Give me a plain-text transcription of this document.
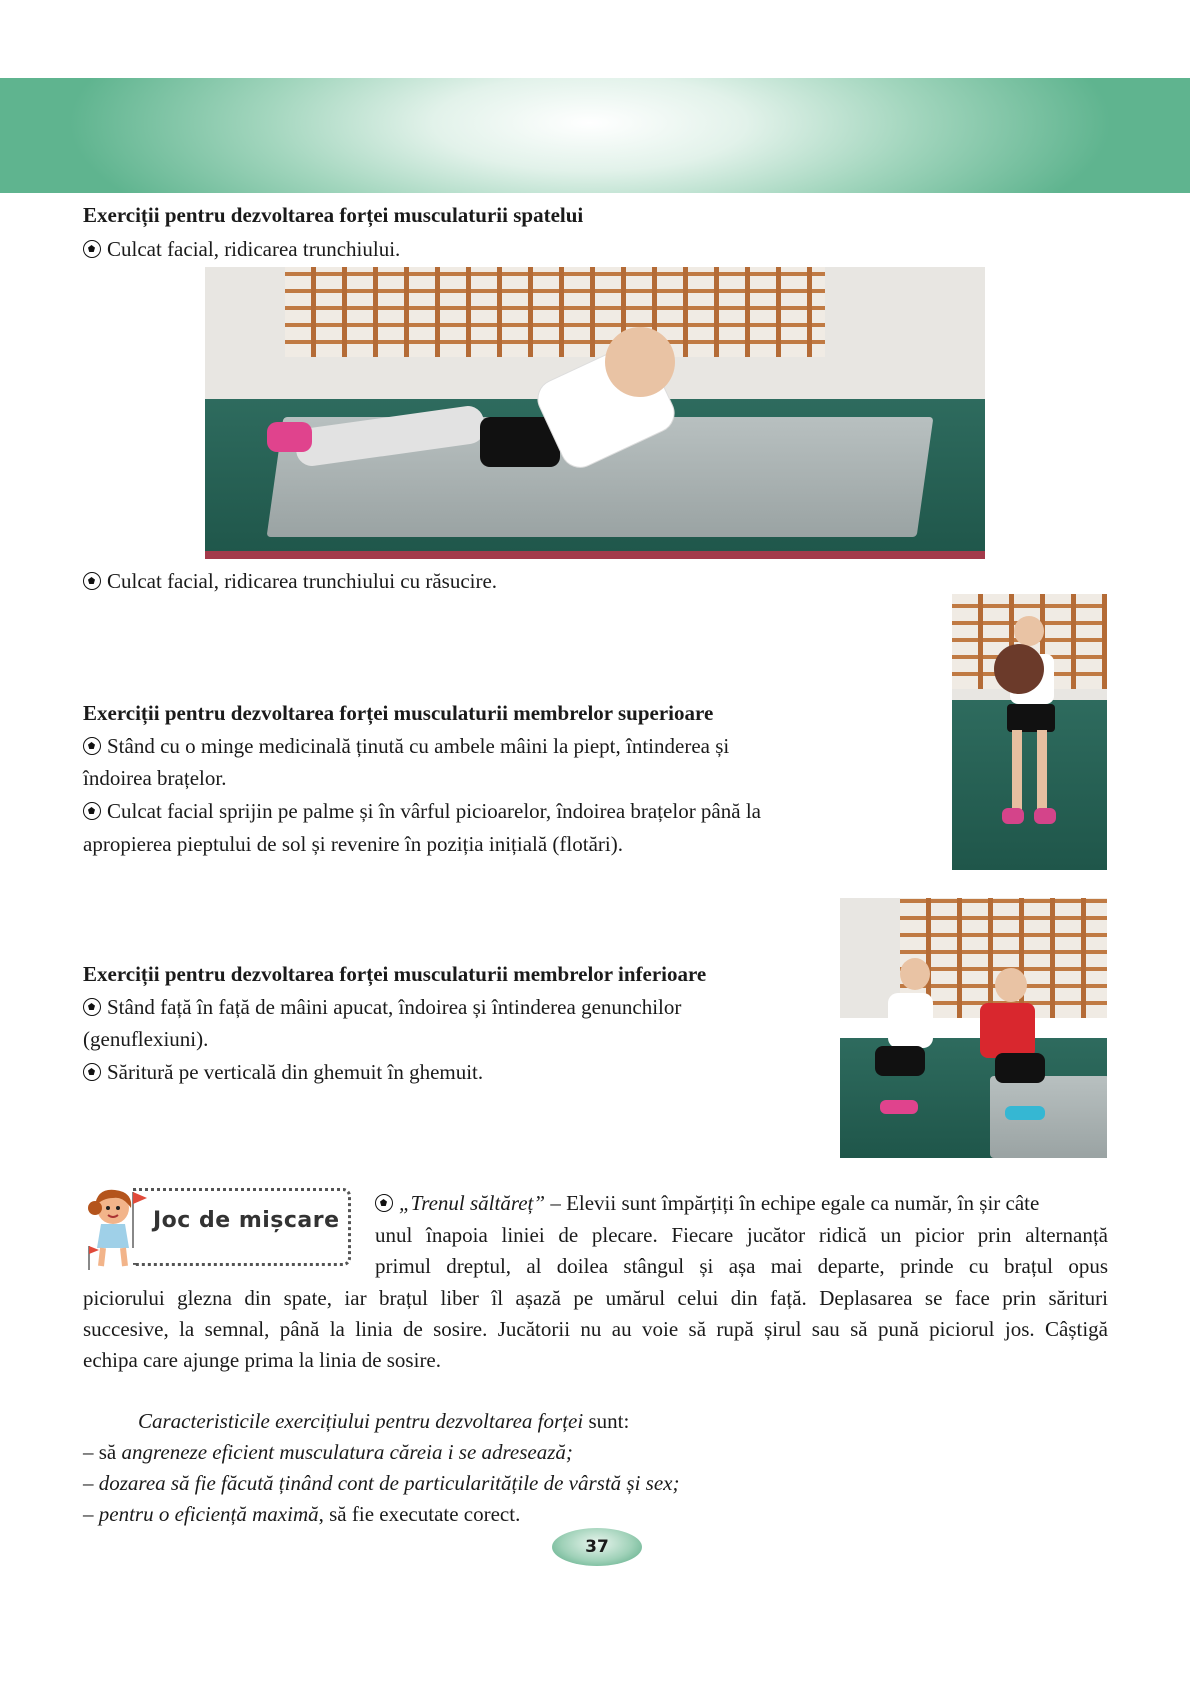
Exerciții pentru dezvoltarea forței musculaturii spatelui

Culcat facial, ridicarea trunchiului.

Culcat facial, ridicarea trunchiului cu răsucire.

Exerciții pentru dezvoltarea forței musculaturii membrelor superioare

Stând cu o minge medicinală ținută cu ambele mâini la piept, întinderea și

îndoirea brațelor.

Culcat facial sprijin pe palme și în vârful picioarelor, îndoirea brațelor până la

apropierea pieptului de sol și revenire în poziția inițială (flotări).

Exerciții pentru dezvoltarea forței musculaturii membrelor inferioare

Stând față în față de mâini apucat, îndoirea și întinderea genunchilor

(genuflexiuni).

Săritură pe verticală din ghemuit în ghemuit.

Joc de mișcare

„Trenul săltăreț” – Elevii sunt împărțiți în echipe egale ca număr, în șir câte

unul înapoia liniei de plecare. Fiecare jucător ridică un picior prin alternanță

primul dreptul, al doilea stângul și așa mai departe, prinde cu brațul opus

piciorului glezna din spate, iar brațul liber îl așază pe umărul celui din față. Deplasarea se face prin sărituri

succesive, la semnal, până la linia de sosire. Jucătorii nu au voie să rupă șirul sau să pună piciorul jos. Câștigă

echipa care ajunge prima la linia de sosire.

Caracteristicile exercițiului pentru dezvoltarea forței sunt:

– să angreneze eficient musculatura căreia i se adresează;

– dozarea să fie făcută ținând cont de particularitățile de vârstă și sex;

– pentru o eficiență maximă, să fie executate corect.

37
